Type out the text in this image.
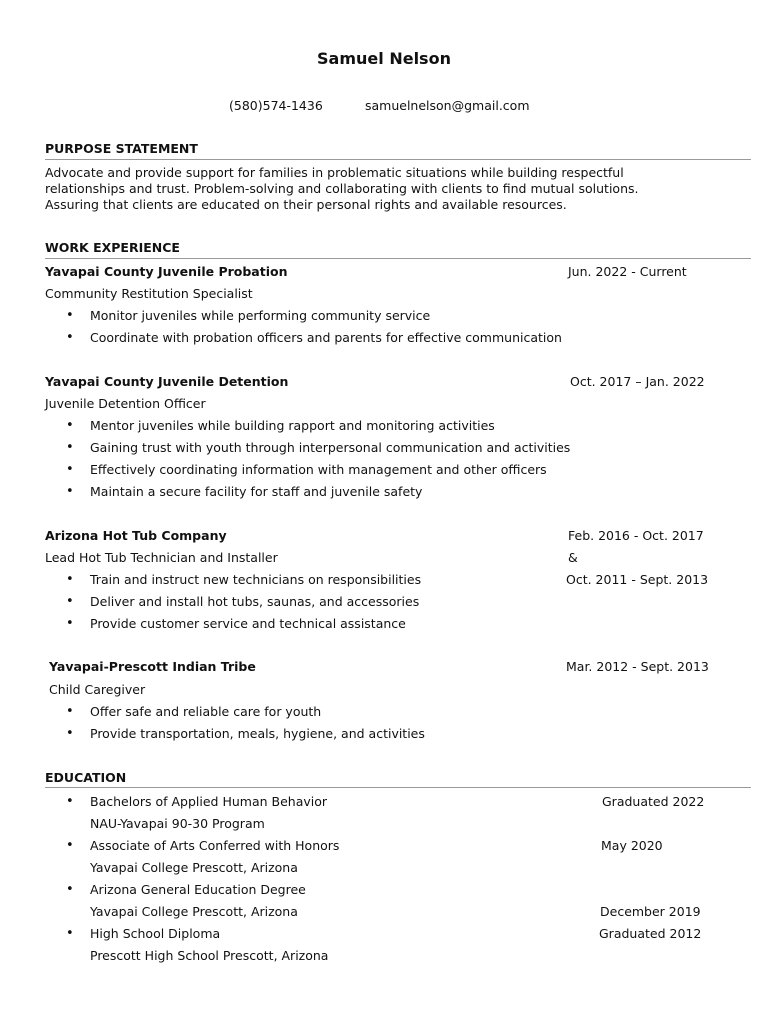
Samuel Nelson
(580)574-1436	samuelnelson@gmail.com
PURPOSE STATEMENT
Advocate and provide support for families in problematic situations while building respectful
relationships and trust. Problem-solving and collaborating with clients to find mutual solutions.
Assuring that clients are educated on their personal rights and available resources.
WORK EXPERIENCE
Yavapai County Juvenile Probation	Jun. 2022 - Current
Community Restitution Specialist
• Monitor juveniles while performing community service
• Coordinate with probation officers and parents for effective communication
Yavapai County Juvenile Detention	Oct. 2017 – Jan. 2022
Juvenile Detention Officer
• Mentor juveniles while building rapport and monitoring activities
• Gaining trust with youth through interpersonal communication and activities
• Effectively coordinating information with management and other officers
• Maintain a secure facility for staff and juvenile safety
Arizona Hot Tub Company	Feb. 2016 - Oct. 2017
Lead Hot Tub Technician and Installer	&
• Train and instruct new technicians on responsibilities	Oct. 2011 - Sept. 2013
• Deliver and install hot tubs, saunas, and accessories
• Provide customer service and technical assistance
Yavapai-Prescott Indian Tribe	Mar. 2012 - Sept. 2013
Child Caregiver
• Offer safe and reliable care for youth
• Provide transportation, meals, hygiene, and activities
EDUCATION
• Bachelors of Applied Human Behavior	Graduated 2022
NAU-Yavapai 90-30 Program
• Associate of Arts Conferred with Honors	May 2020
Yavapai College Prescott, Arizona
• Arizona General Education Degree
Yavapai College Prescott, Arizona	December 2019
• High School Diploma	Graduated 2012
Prescott High School Prescott, Arizona
